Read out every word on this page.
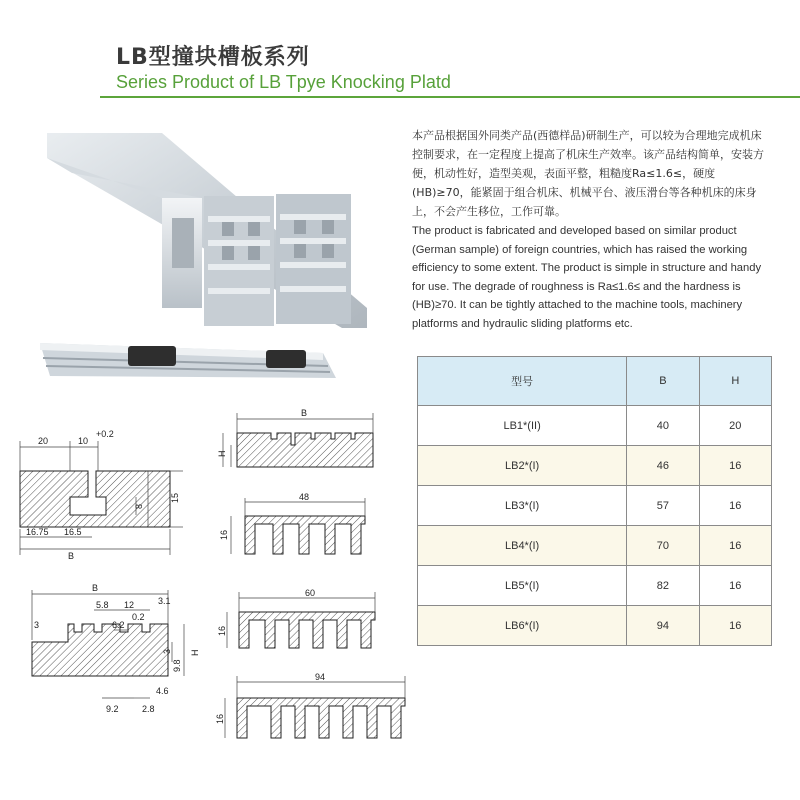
LB型撞块槽板系列
Series Product of LB Tpye Knocking Platd
本产品根据国外同类产品(西德样品)研制生产，可以较为合理地完成机床控制要求，在一定程度上提高了机床生产效率。该产品结构简单，安装方便，机动性好，造型美观，表面平整，粗糙度Ra≤1.6≤，硬度(HB)≥70，能紧固于组合机床、机械平台、液压滑台等各种机床的床身上，不会产生移位，工作可靠。
The product is fabricated and developed based on similar product (German sample) of foreign countries, which has raised the working efficiency to some extent. The product is simple in structure and handy for use. The degrade of roughness is Ra≤1.6≤ and the hardness is (HB)≥70. It can be tightly attached to the machine tools, machinery platforms and hydraulic sliding platforms etc.
型号	B	H
LB1*(II)	40	20
LB2*(I)	46	16
LB3*(I)	57	16
LB4*(I)	70	16
LB5*(I)	82	16
LB6*(I)	94	16
20	10
+0.2
15
8
16.75 16.5
B
B
5.8 12	3.1
6.2
0.2
3
3
9.8
H
4.6
9.2	2.8
B
H
48
16
60
16
94
16
